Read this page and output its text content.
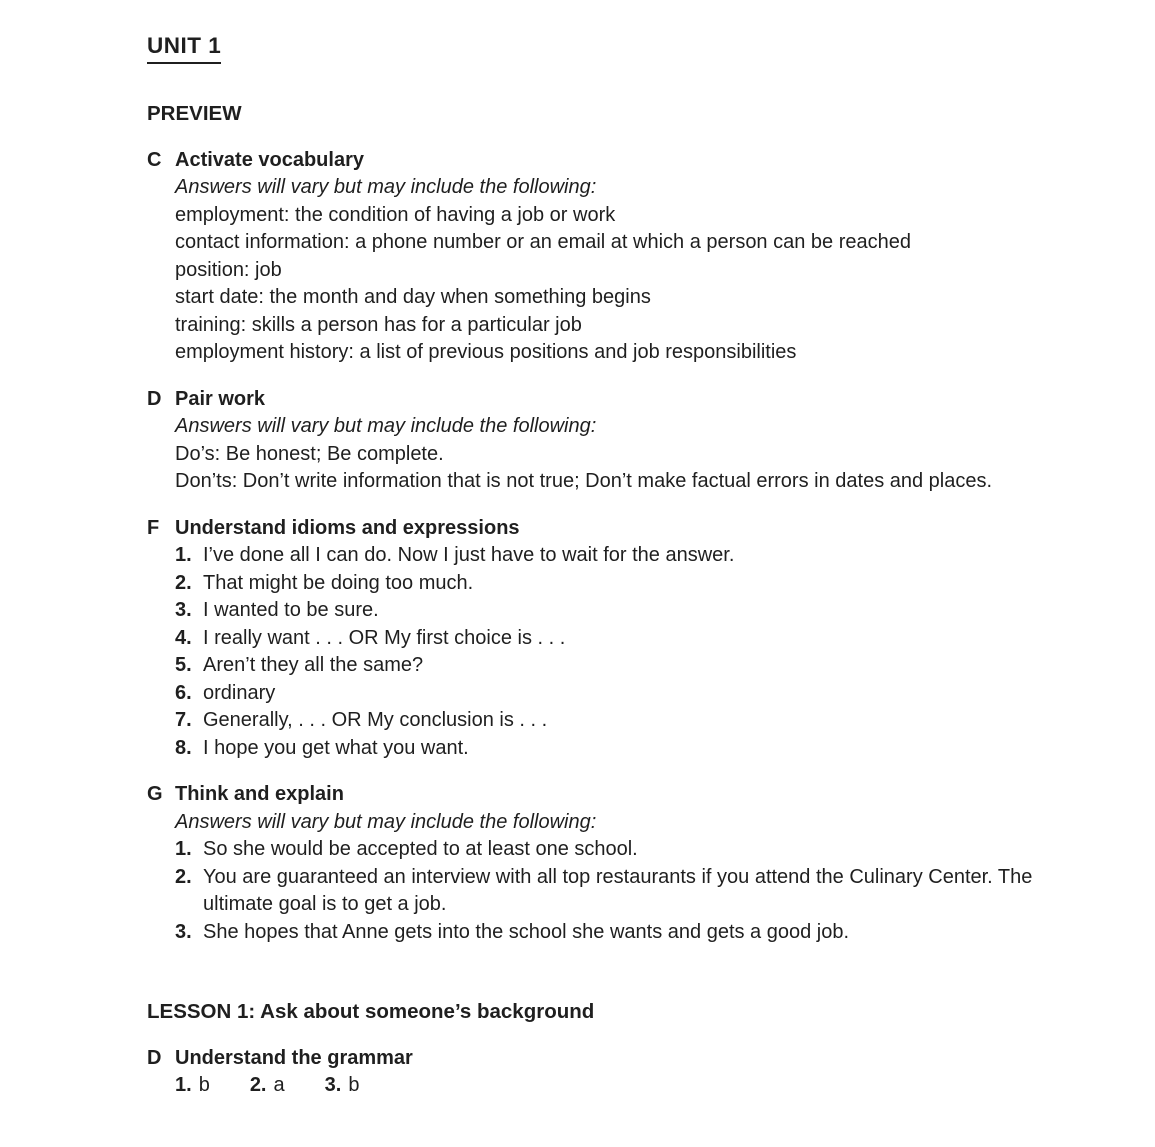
UNIT 1
PREVIEW
C Activate vocabulary
Answers will vary but may include the following:
employment: the condition of having a job or work
contact information: a phone number or an email at which a person can be reached
position: job
start date: the month and day when something begins
training: skills a person has for a particular job
employment history: a list of previous positions and job responsibilities
D Pair work
Answers will vary but may include the following:
Do’s: Be honest; Be complete.
Don’ts: Don’t write information that is not true; Don’t make factual errors in dates and places.
F Understand idioms and expressions
1. I’ve done all I can do. Now I just have to wait for the answer.
2. That might be doing too much.
3. I wanted to be sure.
4. I really want . . . OR My first choice is . . .
5. Aren’t they all the same?
6. ordinary
7. Generally, . . . OR My conclusion is . . .
8. I hope you get what you want.
G Think and explain
Answers will vary but may include the following:
1. So she would be accepted to at least one school.
2. You are guaranteed an interview with all top restaurants if you attend the Culinary Center. The ultimate goal is to get a job.
3. She hopes that Anne gets into the school she wants and gets a good job.
LESSON 1: Ask about someone’s background
D Understand the grammar
1. b 2. a 3. b
